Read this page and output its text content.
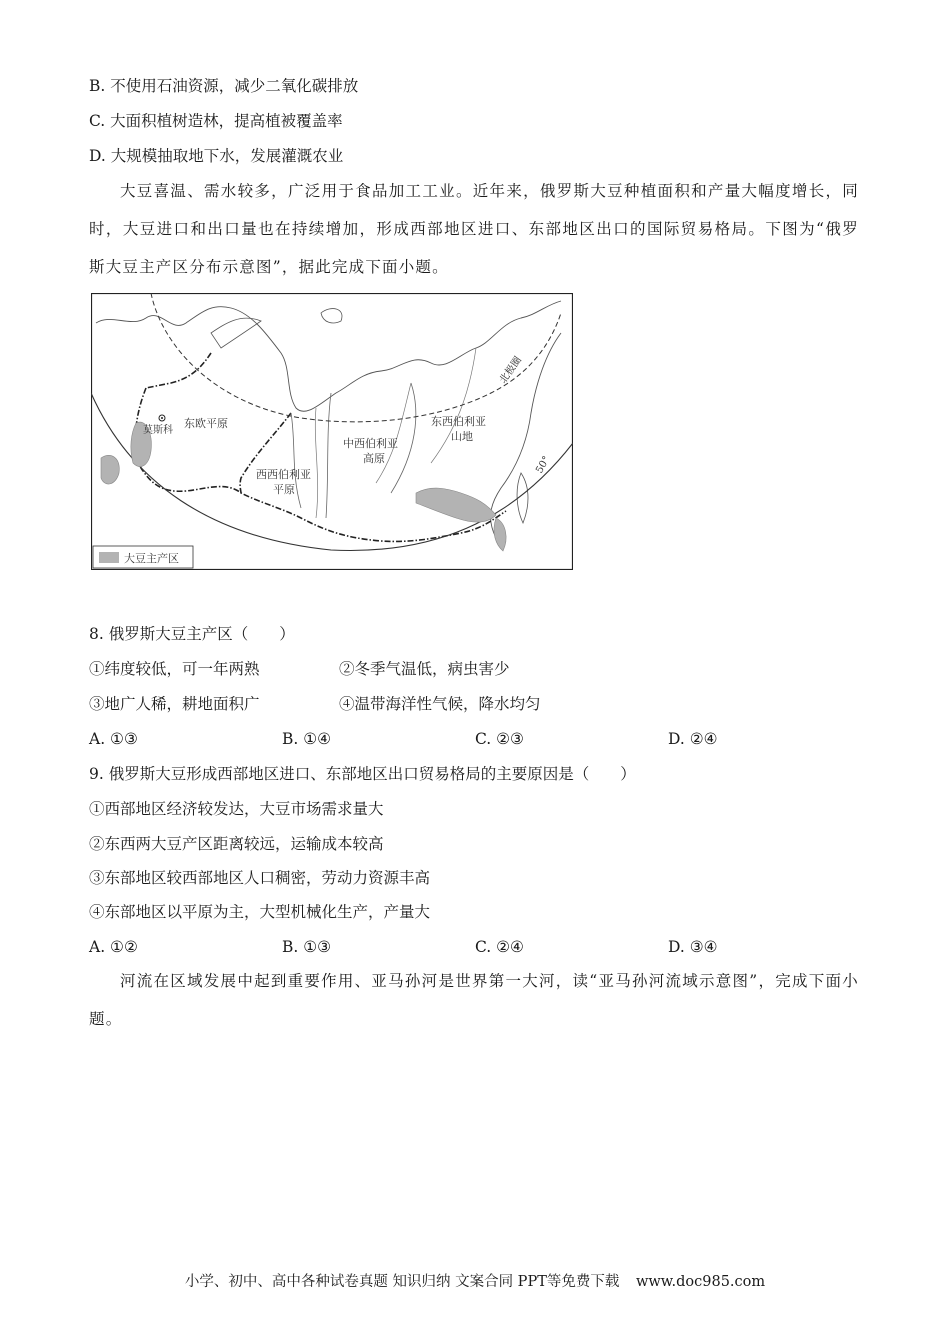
B. 不使用石油资源，减少二氧化碳排放
C. 大面积植树造林，提高植被覆盖率
D. 大规模抽取地下水，发展灌溉农业
大豆喜温、需水较多，广泛用于食品加工工业。近年来，俄罗斯大豆种植面积和产量大幅度增长，同时，大豆进口和出口量也在持续增加，形成西部地区进口、东部地区出口的国际贸易格局。下图为“俄罗斯大豆主产区分布示意图”，据此完成下面小题。
莫斯科
东欧平原
西西伯利亚
平原
中西伯利亚
高原
东西伯利亚
山地
北极圈
50°
大豆主产区
8. 俄罗斯大豆主产区（　　）
①纬度较低，可一年两熟	②冬季气温低，病虫害少
③地广人稀，耕地面积广	④温带海洋性气候，降水均匀
A. ①③	B. ①④	C. ②③	D. ②④
9. 俄罗斯大豆形成西部地区进口、东部地区出口贸易格局的主要原因是（　　）
①西部地区经济较发达，大豆市场需求量大
②东西两大豆产区距离较远，运输成本较高
③东部地区较西部地区人口稠密，劳动力资源丰高
④东部地区以平原为主，大型机械化生产，产量大
A. ①②	B. ①③	C. ②④	D. ③④
河流在区域发展中起到重要作用、亚马孙河是世界第一大河，读“亚马孙河流域示意图”，完成下面小题。
小学、初中、高中各种试卷真题 知识归纳 文案合同 PPT等免费下载 www.doc985.com
